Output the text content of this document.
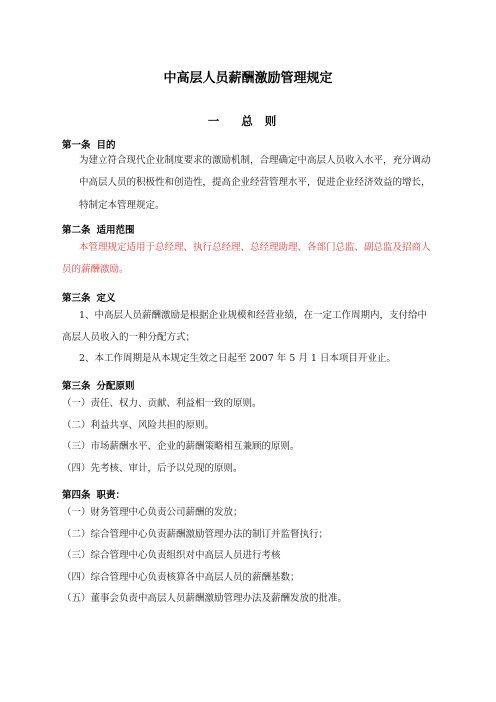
中高层人员薪酬激励管理规定
一 总则
第一条 目的
为建立符合现代企业制度要求的激励机制，合理确定中高层人员收入水平，充分调动
中高层人员的积极性和创造性，提高企业经营管理水平，促进企业经济效益的增长，
特制定本管理规定。
第二条 适用范围
本管理规定适用于总经理、执行总经理、总经理助理、各部门总监、副总监及招商人
员的薪酬激励。
第三条 定义
1、中高层人员薪酬激励是根据企业规模和经营业绩，在一定工作周期内，支付给中
高层人员收入的一种分配方式；
2、本工作周期是从本规定生效之日起至 2007 年 5 月 1 日本项目开业止。
第三条 分配原则
（一）责任、权力、贡献、利益相一致的原则。
（二）利益共享、风险共担的原则。
（三）市场薪酬水平、企业的薪酬策略相互兼顾的原则。
（四）先考核、审计，后予以兑现的原则。
第四条 职责：
（一）财务管理中心负责公司薪酬的发放；
（二）综合管理中心负责薪酬激励管理办法的制订并监督执行；
（三）综合管理中心负责组织对中高层人员进行考核
（四）综合管理中心负责核算各中高层人员的薪酬基数；
（五）董事会负责中高层人员薪酬激励管理办法及薪酬发放的批准。
